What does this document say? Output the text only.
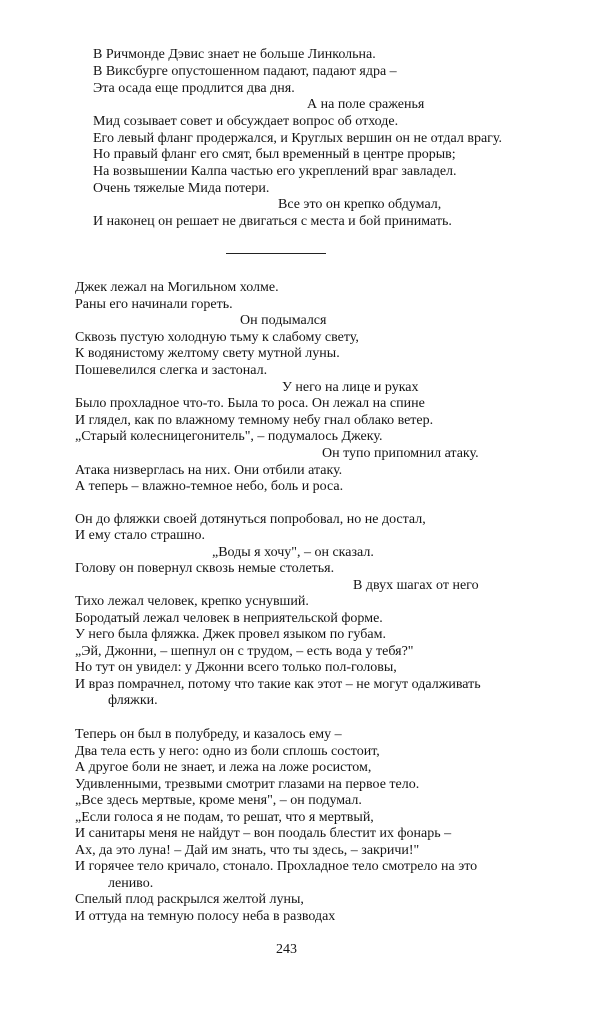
В Ричмонде Дэвис знает не больше Линкольна.
В Виксбурге опустошенном падают, падают ядра –
Эта осада еще продлится два дня.
А на поле сраженья
Мид созывает совет и обсуждает вопрос об отходе.
Его левый фланг продержался, и Круглых вершин он не отдал врагу.
Но правый фланг его смят, был временный в центре прорыв;
На возвышении Калпа частью его укреплений враг завладел.
Очень тяжелые Мида потери.
Все это он крепко обдумал,
И наконец он решает не двигаться с места и бой принимать.
Джек лежал на Могильном холме.
Раны его начинали гореть.
Он подымался
Сквозь пустую холодную тьму к слабому свету,
К водянистому желтому свету мутной луны.
Пошевелился слегка и застонал.
У него на лице и руках
Было прохладное что-то. Была то роса. Он лежал на спине
И глядел, как по влажному темному небу гнал облако ветер.
„Старый колесницегонитель", – подумалось Джеку.
Он тупо припомнил атаку.
Атака низверглась на них. Они отбили атаку.
А теперь – влажно-темное небо, боль и роса.
Он до фляжки своей дотянуться попробовал, но не достал,
И ему стало страшно.
„Воды я хочу", – он сказал.
Голову он повернул сквозь немые столетья.
В двух шагах от него
Тихо лежал человек, крепко уснувший.
Бородатый лежал человек в неприятельской форме.
У него была фляжка. Джек провел языком по губам.
„Эй, Джонни, – шепнул он с трудом, – есть вода у тебя?"
Но тут он увидел: у Джонни всего только пол-головы,
И враз помрачнел, потому что такие как этот – не могут одалживать
фляжки.
Теперь он был в полубреду, и казалось ему –
Два тела есть у него: одно из боли сплошь состоит,
А другое боли не знает, и лежа на ложе росистом,
Удивленными, трезвыми смотрит глазами на первое тело.
„Все здесь мертвые, кроме меня", – он подумал.
„Если голоса я не подам, то решат, что я мертвый,
И санитары меня не найдут – вон поодаль блестит их фонарь –
Ах, да это луна! – Дай им знать, что ты здесь, – закричи!"
И горячее тело кричало, стонало. Прохладное тело смотрело на это
лениво.
Спелый плод раскрылся желтой луны,
И оттуда на темную полосу неба в разводах
243
